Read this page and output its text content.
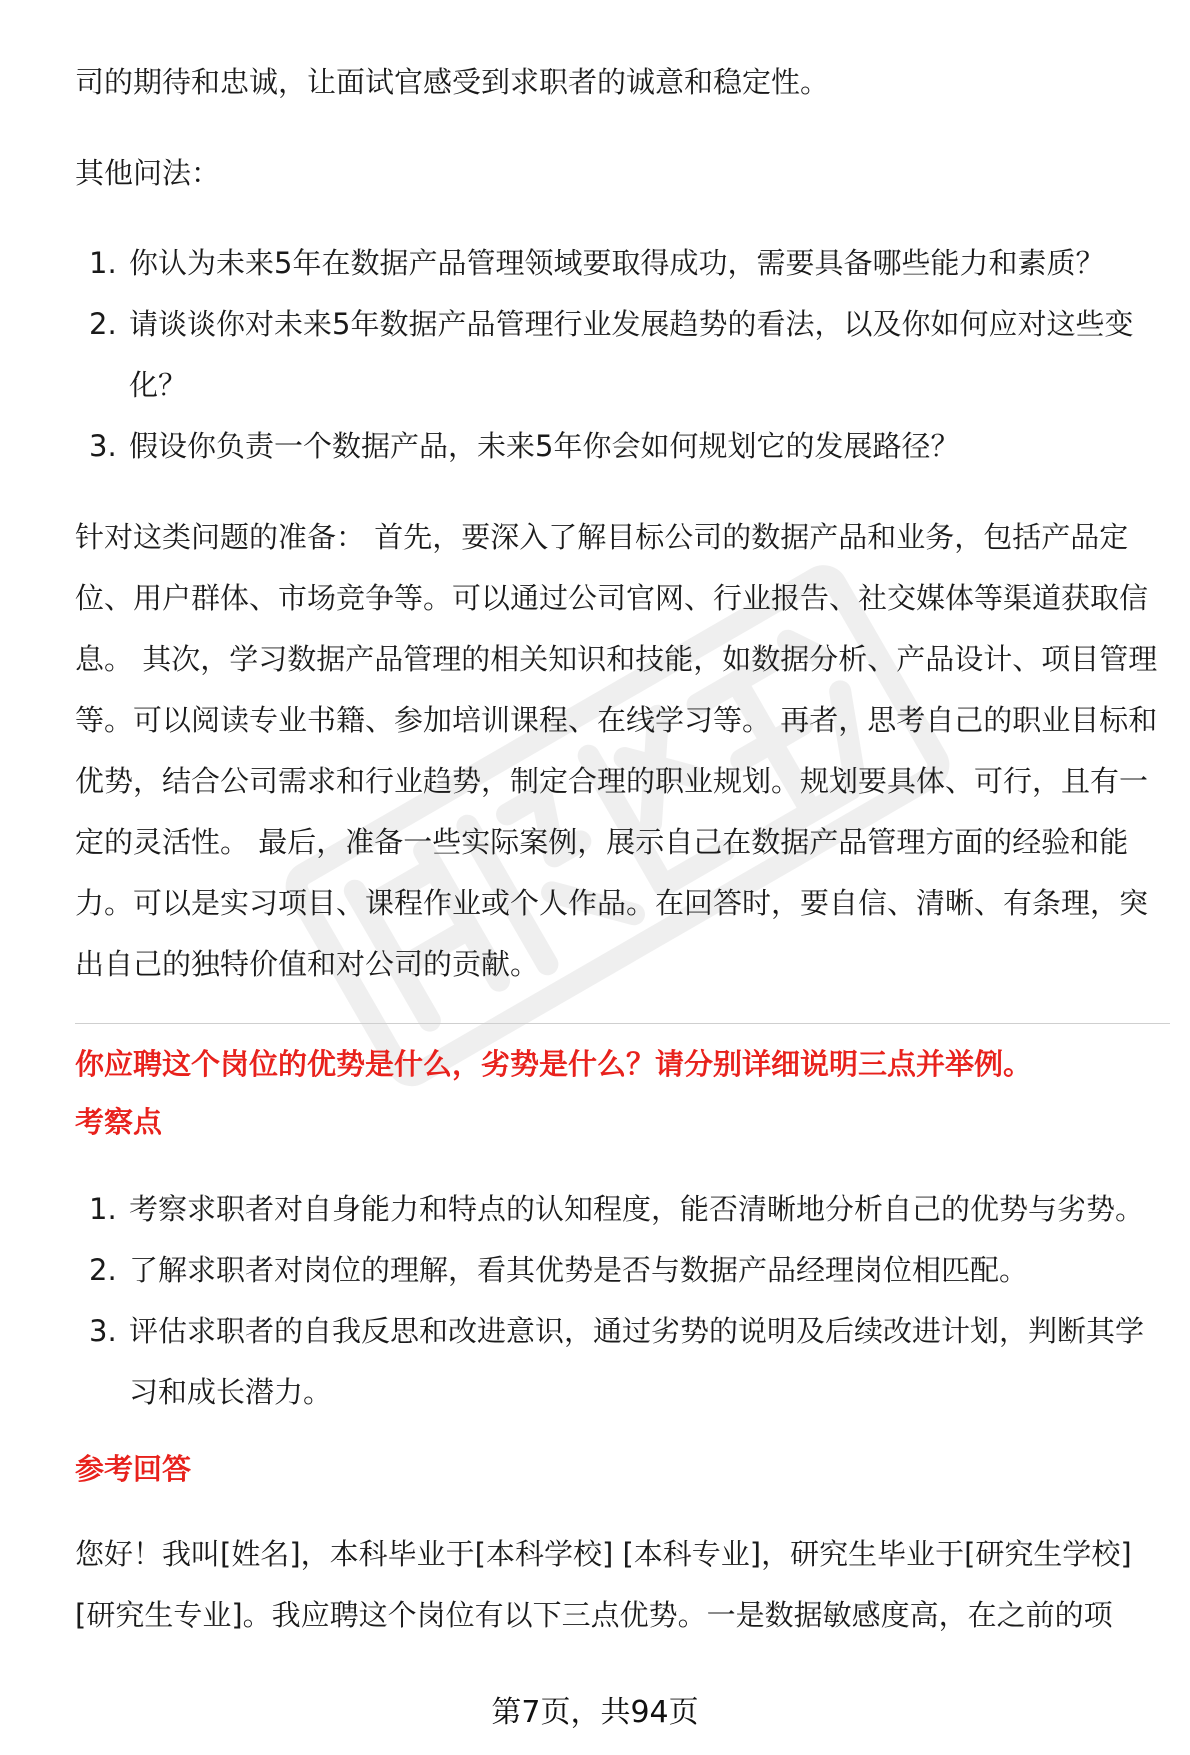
司的期待和忠诚，让面试官感受到求职者的诚意和稳定性。

其他问法：

1. 你认为未来5年在数据产品管理领域要取得成功，需要具备哪些能力和素质？
2. 请谈谈你对未来5年数据产品管理行业发展趋势的看法，以及你如何应对这些变化？
3. 假设你负责一个数据产品，未来5年你会如何规划它的发展路径？

针对这类问题的准备： 首先，要深入了解目标公司的数据产品和业务，包括产品定位、用户群体、市场竞争等。可以通过公司官网、行业报告、社交媒体等渠道获取信息。 其次，学习数据产品管理的相关知识和技能，如数据分析、产品设计、项目管理等。可以阅读专业书籍、参加培训课程、在线学习等。 再者，思考自己的职业目标和优势，结合公司需求和行业趋势，制定合理的职业规划。规划要具体、可行，且有一定的灵活性。 最后，准备一些实际案例，展示自己在数据产品管理方面的经验和能力。可以是实习项目、课程作业或个人作品。在回答时，要自信、清晰、有条理，突出自己的独特价值和对公司的贡献。

你应聘这个岗位的优势是什么，劣势是什么？请分别详细说明三点并举例。

考察点

1. 考察求职者对自身能力和特点的认知程度，能否清晰地分析自己的优势与劣势。
2. 了解求职者对岗位的理解，看其优势是否与数据产品经理岗位相匹配。
3. 评估求职者的自我反思和改进意识，通过劣势的说明及后续改进计划，判断其学习和成长潜力。

参考回答

您好！我叫[姓名]，本科毕业于[本科学校] [本科专业]，研究生毕业于[研究生学校] [研究生专业]。我应聘这个岗位有以下三点优势。一是数据敏感度高，在之前的项

第7页，共94页
